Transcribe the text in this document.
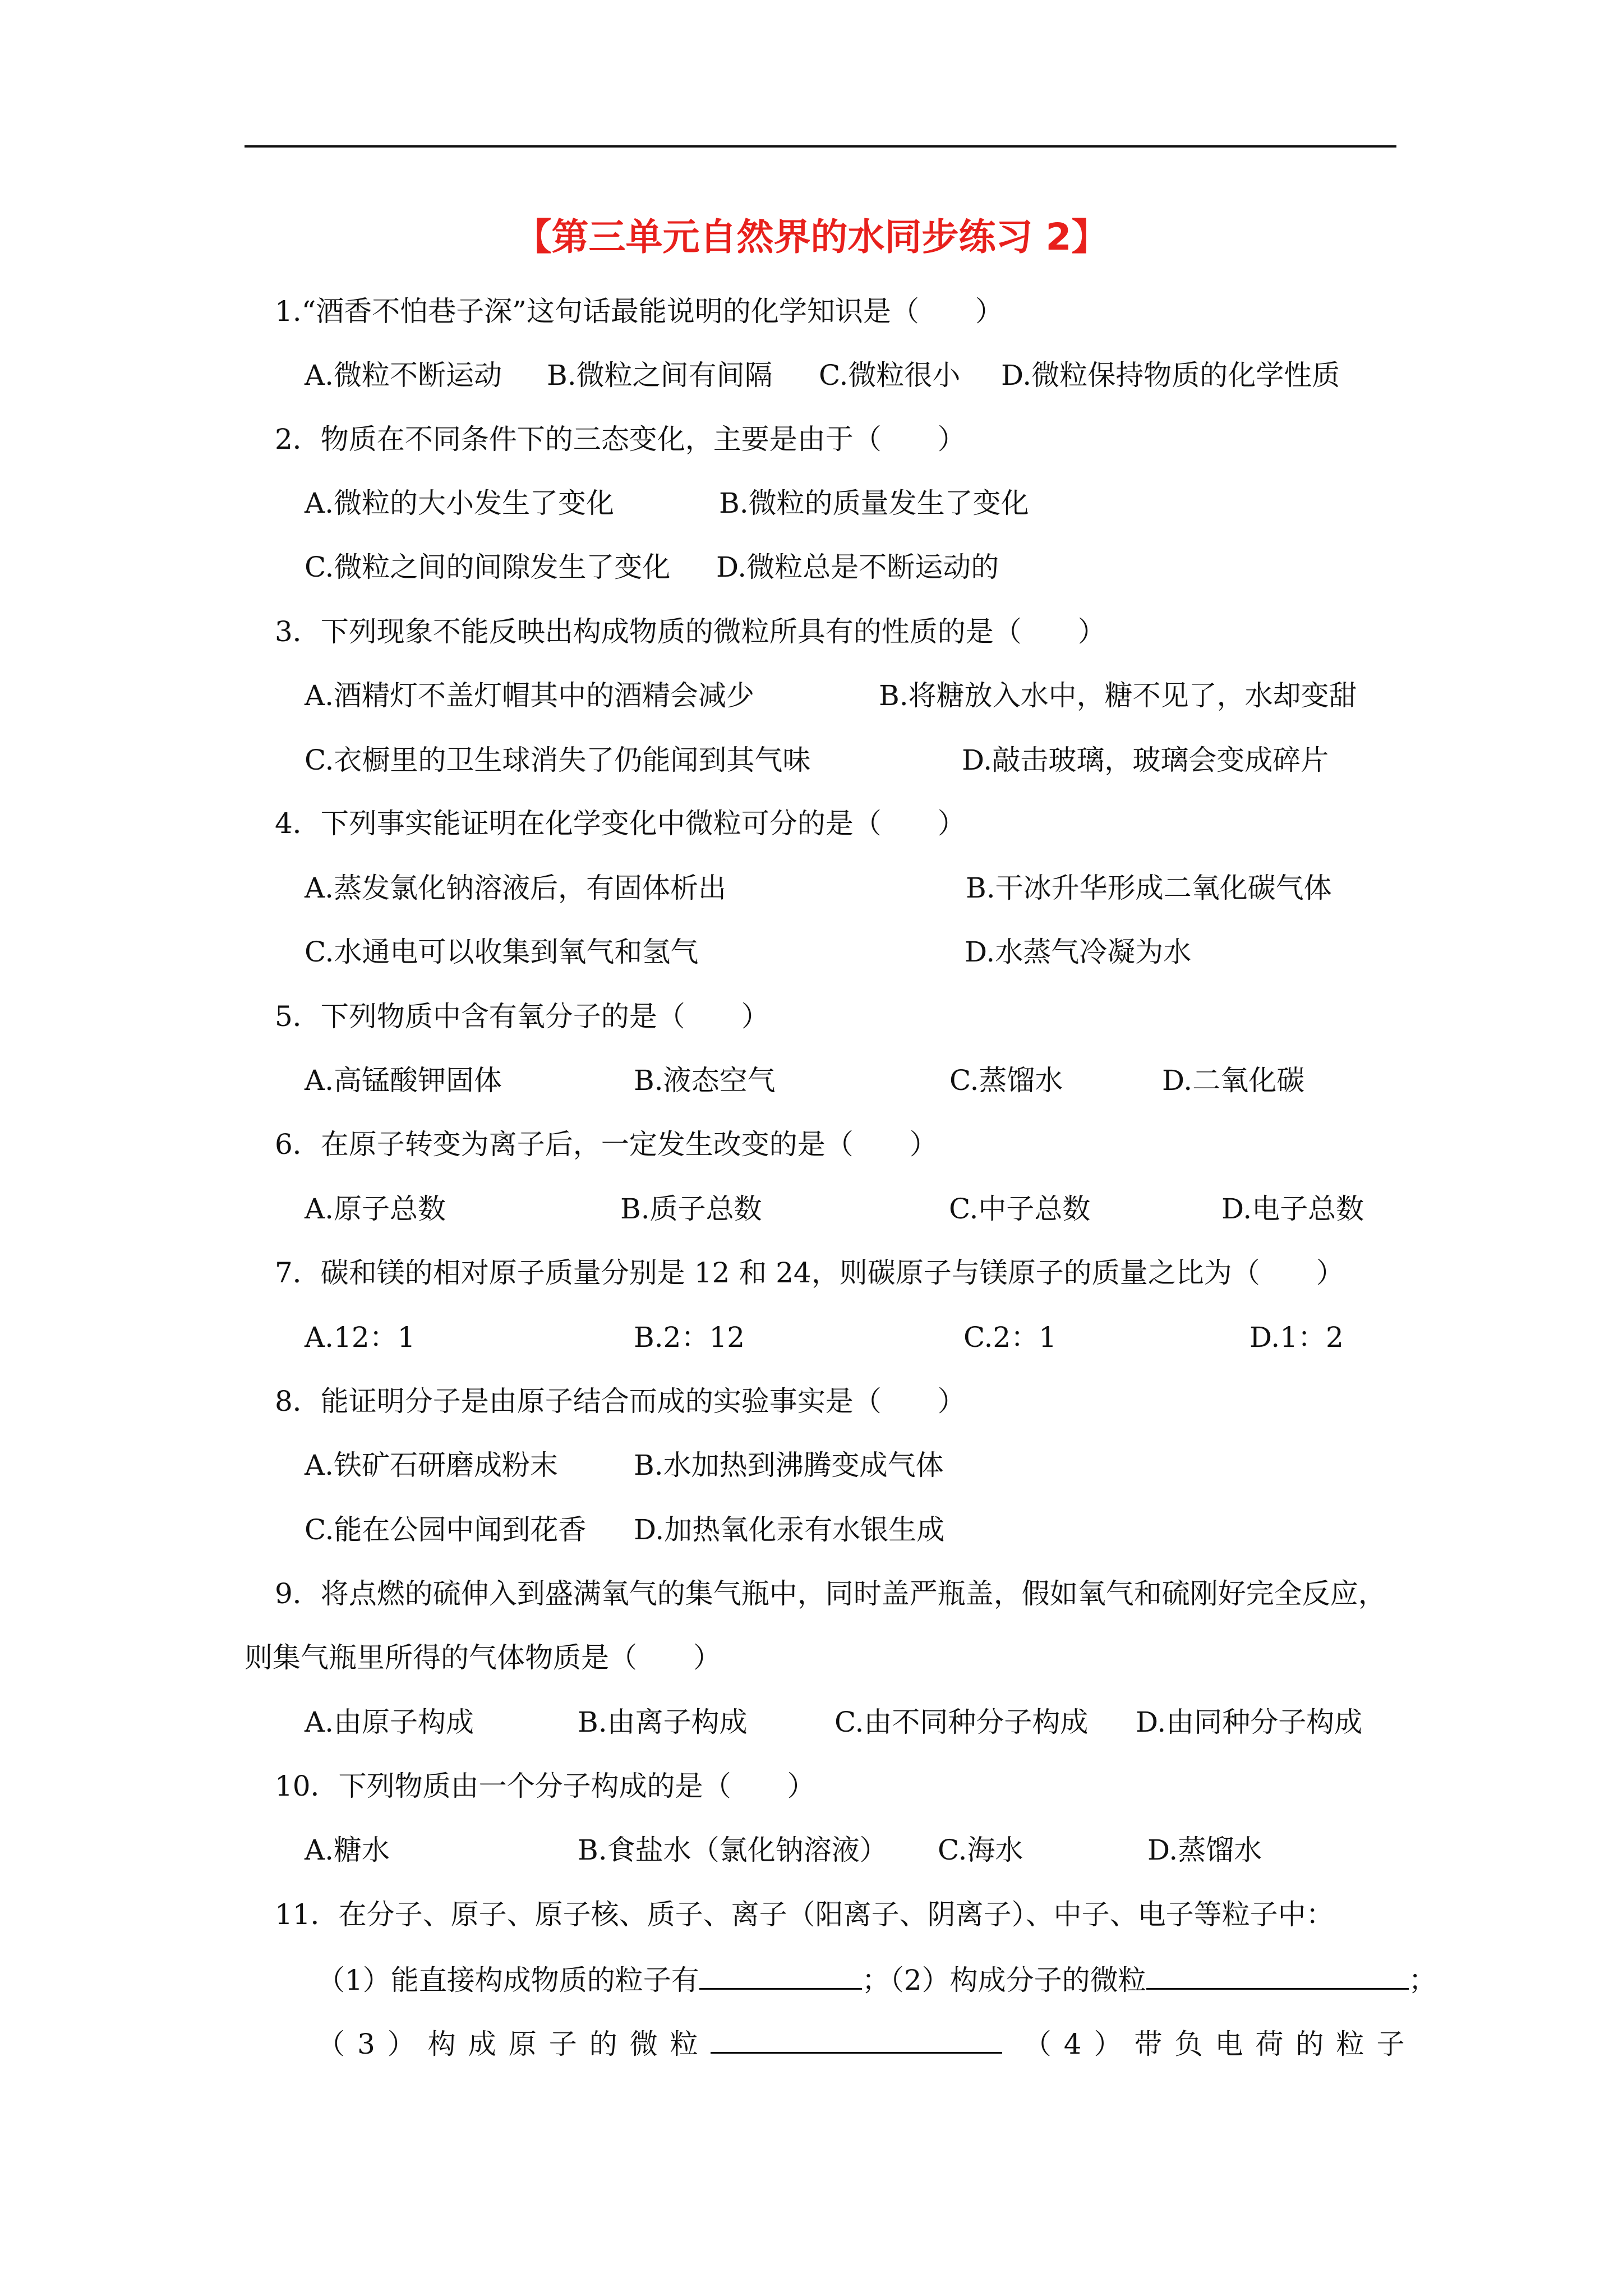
【第三单元自然界的水同步练习 2】
1.“酒香不怕巷子深”这句话最能说明的化学知识是（　　）
A.微粒不断运动 B.微粒之间有间隔 C.微粒很小 D.微粒保持物质的化学性质
2．物质在不同条件下的三态变化，主要是由于（　　）
A.微粒的大小发生了变化	B.微粒的质量发生了变化
C.微粒之间的间隙发生了变化 D.微粒总是不断运动的
3．下列现象不能反映出构成物质的微粒所具有的性质的是（　　）
A.酒精灯不盖灯帽其中的酒精会减少	B.将糖放入水中，糖不见了，水却变甜
C.衣橱里的卫生球消失了仍能闻到其气味	D.敲击玻璃，玻璃会变成碎片
4．下列事实能证明在化学变化中微粒可分的是（　　）
A.蒸发氯化钠溶液后，有固体析出	B.干冰升华形成二氧化碳气体
C.水通电可以收集到氧气和氢气	D.水蒸气冷凝为水
5．下列物质中含有氧分子的是（　　）
A.高锰酸钾固体	B.液态空气	C.蒸馏水	D.二氧化碳
6．在原子转变为离子后，一定发生改变的是（　　）
A.原子总数	B.质子总数	C.中子总数	D.电子总数
7．碳和镁的相对原子质量分别是 12 和 24，则碳原子与镁原子的质量之比为（　　）
A.12：1	B.2：12	C.2：1	D.1：2
8．能证明分子是由原子结合而成的实验事实是（　　）
A.铁矿石研磨成粉末	B.水加热到沸腾变成气体
C.能在公园中闻到花香 D.加热氧化汞有水银生成
9．将点燃的硫伸入到盛满氧气的集气瓶中，同时盖严瓶盖，假如氧气和硫刚好完全反应，
则集气瓶里所得的气体物质是（　　）
A.由原子构成	B.由离子构成	C.由不同种分子构成 D.由同种分子构成
10．下列物质由一个分子构成的是（　　）
A.糖水	B.食盐水（氯化钠溶液） C.海水	D.蒸馏水
11．在分子、原子、原子核、质子、离子（阳离子、阴离子）、中子、电子等粒子中：
（1）能直接构成物质的粒子有	；（2）构成分子的微粒	；
（3）构成原子的微粒	（4）带负电荷的粒子
